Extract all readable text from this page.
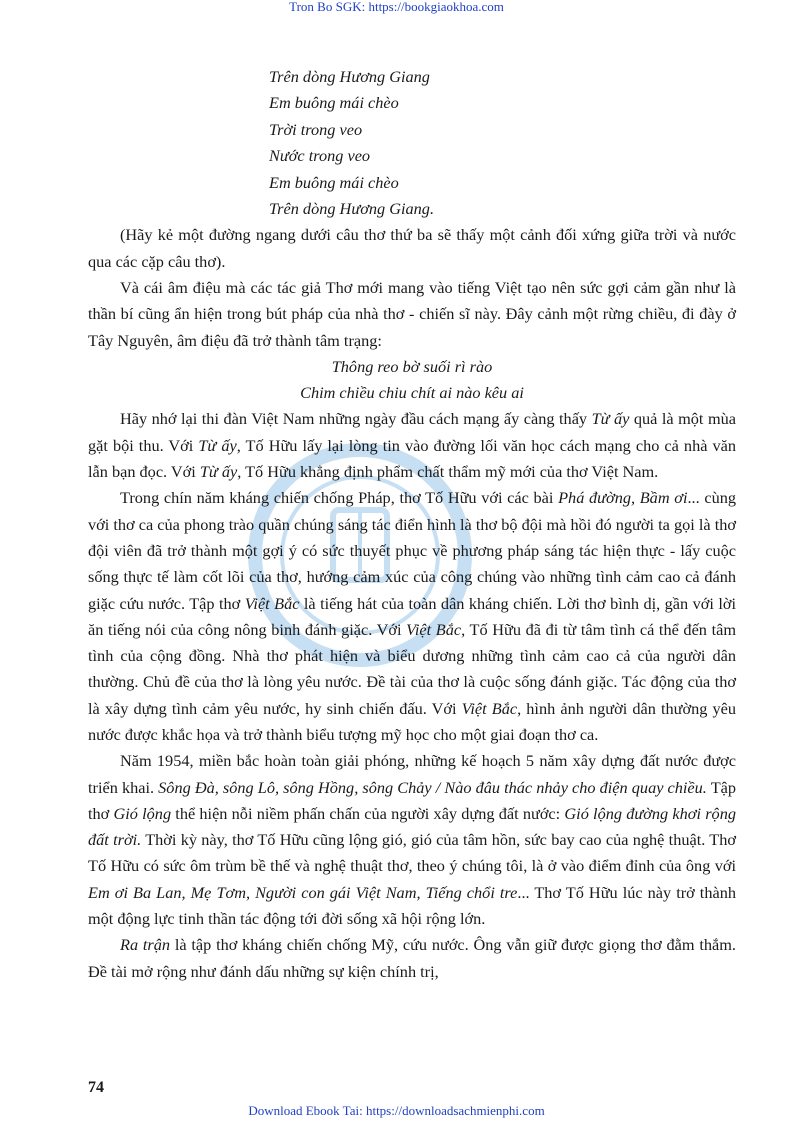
Tron Bo SGK: https://bookgiaokhoa.com
Trên dòng Hương Giang
Em buông mái chèo
Trời trong veo
Nước trong veo
Em buông mái chèo
Trên dòng Hương Giang.

(Hãy kẻ một đường ngang dưới câu thơ thứ ba sẽ thấy một cảnh đối xứng giữa trời và nước qua các cặp câu thơ).

Và cái âm điệu mà các tác giả Thơ mới mang vào tiếng Việt tạo nên sức gợi cảm gần như là thần bí cũng ẩn hiện trong bút pháp của nhà thơ - chiến sĩ này. Đây cảnh một rừng chiều, đi đày ở Tây Nguyên, âm điệu đã trở thành tâm trạng:

Thông reo bờ suối rì rào
Chim chiều chiu chít ai nào kêu ai

Hãy nhớ lại thi đàn Việt Nam những ngày đầu cách mạng ấy càng thấy Từ ấy quả là một mùa gặt bội thu. Với Từ ấy, Tố Hữu lấy lại lòng tin vào đường lối văn học cách mạng cho cả nhà văn lẫn bạn đọc. Với Từ ấy, Tố Hữu khẳng định phẩm chất thẩm mỹ mới của thơ Việt Nam.

Trong chín năm kháng chiến chống Pháp, thơ Tố Hữu với các bài Phá đường, Bầm ơi... cùng với thơ ca của phong trào quần chúng sáng tác điển hình là thơ bộ đội mà hồi đó người ta gọi là thơ đội viên đã trở thành một gợi ý có sức thuyết phục về phương pháp sáng tác hiện thực - lấy cuộc sống thực tế làm cốt lõi của thơ, hướng cảm xúc của công chúng vào những tình cảm cao cả đánh giặc cứu nước. Tập thơ Việt Bắc là tiếng hát của toàn dân kháng chiến. Lời thơ bình dị, gần với lời ăn tiếng nói của công nông binh đánh giặc. Với Việt Bắc, Tố Hữu đã đi từ tâm tình cá thể đến tâm tình của cộng đồng. Nhà thơ phát hiện và biểu dương những tình cảm cao cả của người dân thường. Chủ đề của thơ là lòng yêu nước. Đề tài của thơ là cuộc sống đánh giặc. Tác động của thơ là xây dựng tình cảm yêu nước, hy sinh chiến đấu. Với Việt Bắc, hình ảnh người dân thường yêu nước được khắc họa và trở thành biểu tượng mỹ học cho một giai đoạn thơ ca.

Năm 1954, miền bắc hoàn toàn giải phóng, những kế hoạch 5 năm xây dựng đất nước được triển khai. Sông Đà, sông Lô, sông Hồng, sông Chảy / Nào đâu thác nhảy cho điện quay chiều. Tập thơ Gió lộng thể hiện nỗi niềm phấn chấn của người xây dựng đất nước: Gió lộng đường khơi rộng đất trời. Thời kỳ này, thơ Tố Hữu cũng lộng gió, gió của tâm hồn, sức bay cao của nghệ thuật. Thơ Tố Hữu có sức ôm trùm bề thế và nghệ thuật thơ, theo ý chúng tôi, là ở vào điểm đỉnh của ông với Em ơi Ba Lan, Mẹ Tơm, Người con gái Việt Nam, Tiếng chổi tre... Thơ Tố Hữu lúc này trở thành một động lực tinh thần tác động tới đời sống xã hội rộng lớn.

Ra trận là tập thơ kháng chiến chống Mỹ, cứu nước. Ông vẫn giữ được giọng thơ đằm thắm. Đề tài mở rộng như đánh dấu những sự kiện chính trị,

74
Download Ebook Tai: https://downloadsachmienphi.com
